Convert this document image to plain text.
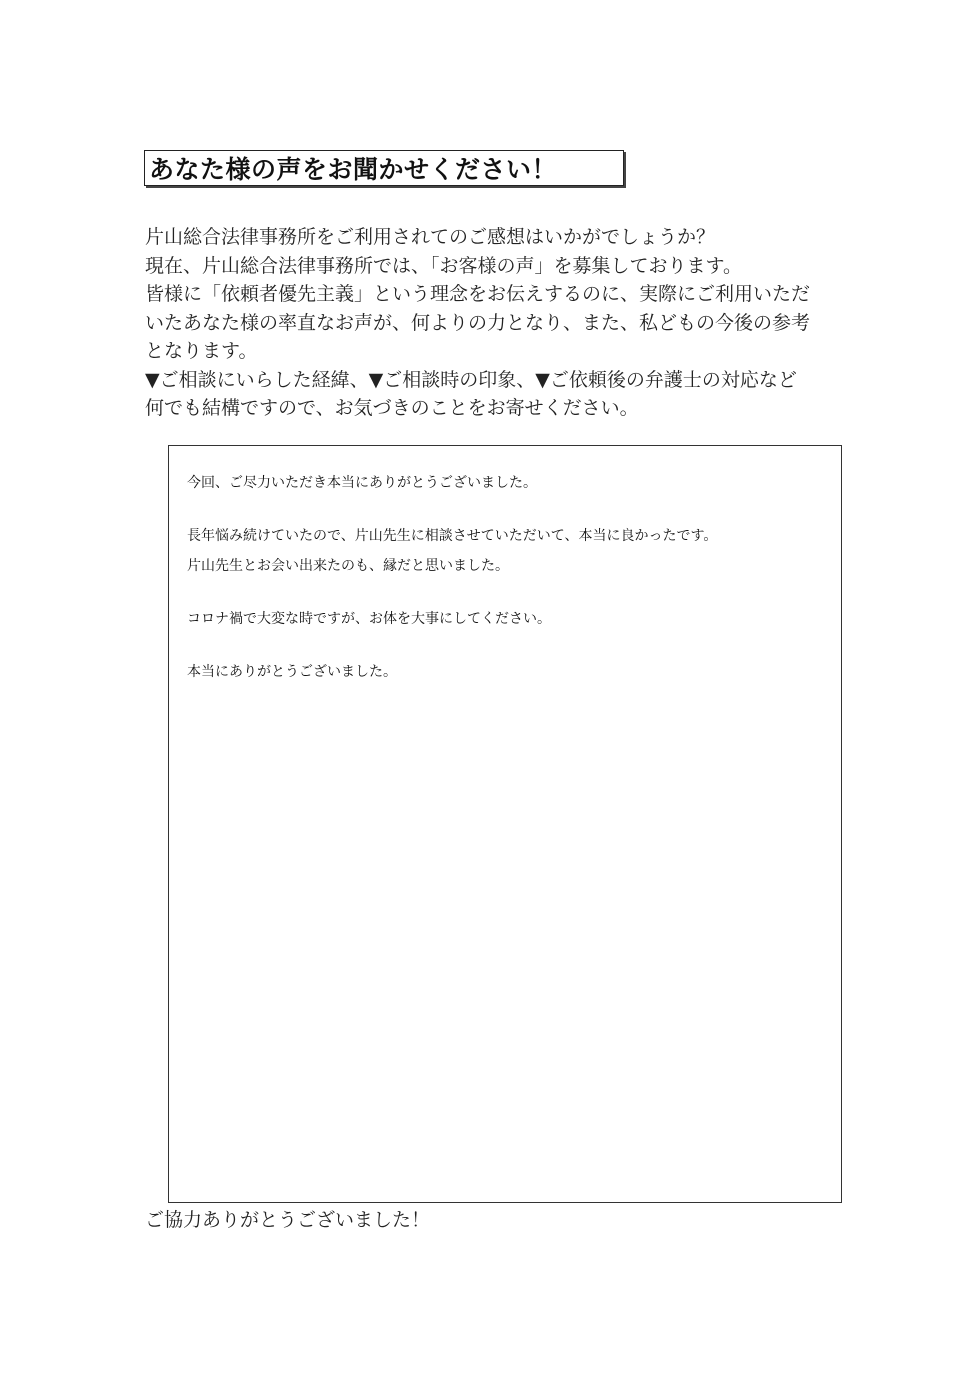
あなた様の声をお聞かせください！

片山総合法律事務所をご利用されてのご感想はいかがでしょうか？

現在、片山総合法律事務所では、「お客様の声」を募集しております。

皆様に「依頼者優先主義」という理念をお伝えするのに、実際にご利用いただ

いたあなた様の率直なお声が、何よりの力となり、また、私どもの今後の参考

となります。

▼ご相談にいらした経緯、▼ご相談時の印象、▼ご依頼後の弁護士の対応など

何でも結構ですので、お気づきのことをお寄せください。

今回、ご尽力いただき本当にありがとうございました。

長年悩み続けていたので、片山先生に相談させていただいて、本当に良かったです。

片山先生とお会い出来たのも、縁だと思いました。

コロナ禍で大変な時ですが、お体を大事にしてください。

本当にありがとうございました。

ご協力ありがとうございました！
